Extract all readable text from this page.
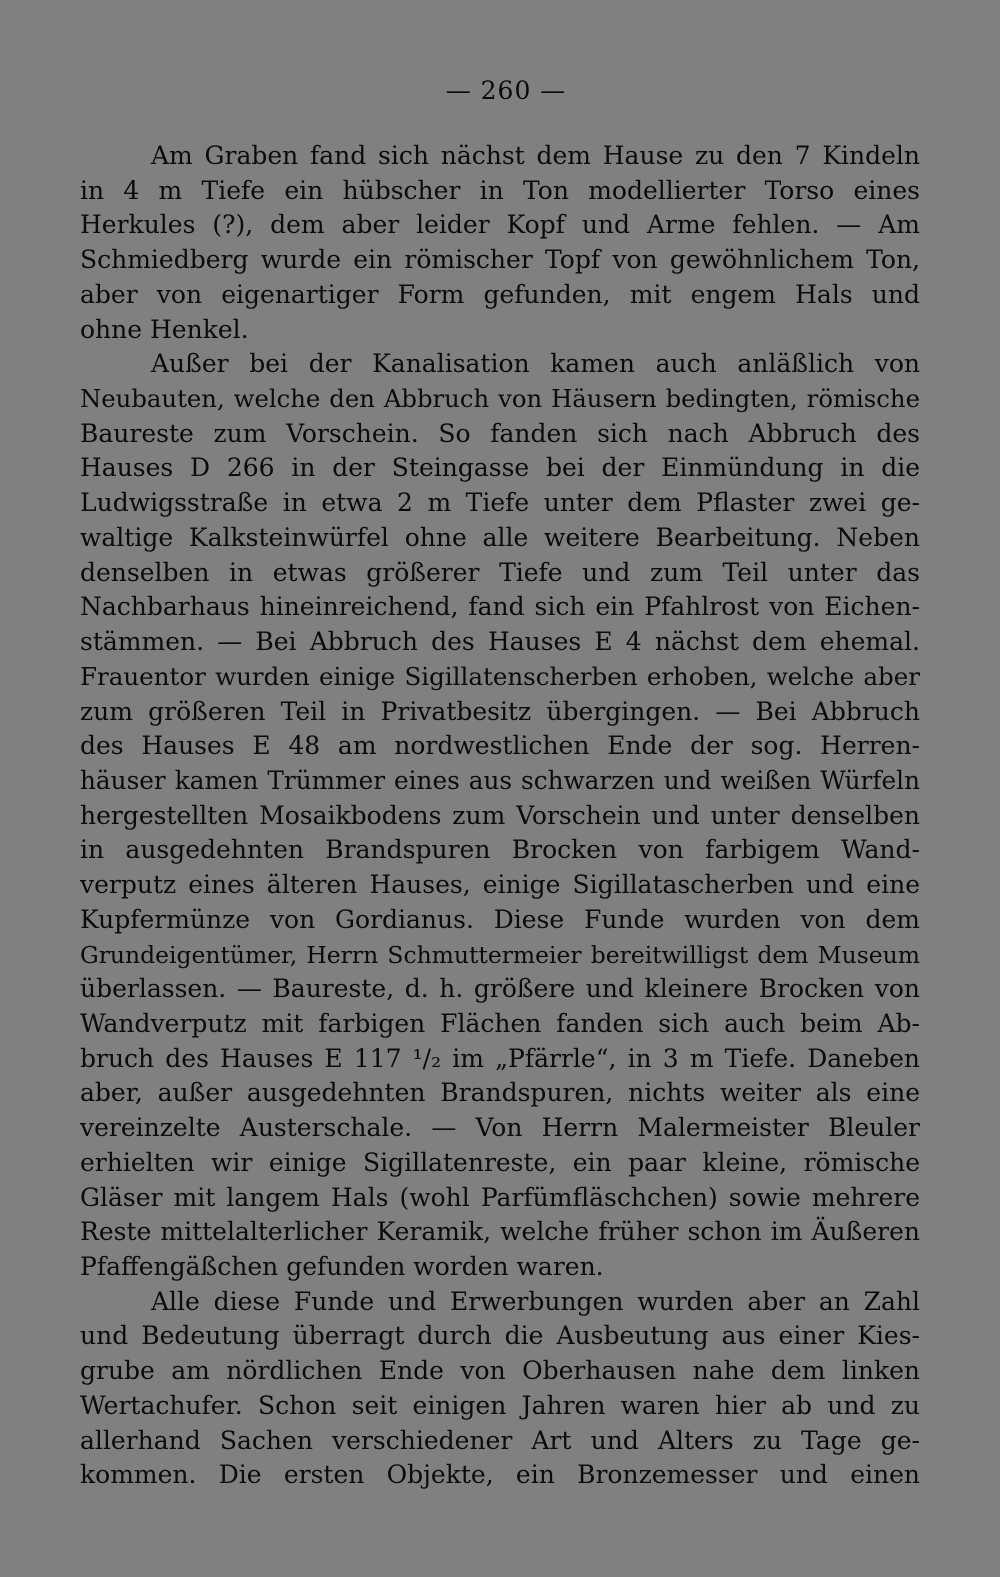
— 260 —
Am Graben fand sich nächst dem Hause zu den 7 Kindeln
in 4 m Tiefe ein hübscher in Ton modellierter Torso eines
Herkules (?), dem aber leider Kopf und Arme fehlen. — Am
Schmiedberg wurde ein römischer Topf von gewöhnlichem Ton,
aber von eigenartiger Form gefunden, mit engem Hals und
ohne Henkel.
Außer bei der Kanalisation kamen auch anläßlich von
Neubauten, welche den Abbruch von Häusern bedingten, römische
Baureste zum Vorschein. So fanden sich nach Abbruch des
Hauses D 266 in der Steingasse bei der Einmündung in die
Ludwigsstraße in etwa 2 m Tiefe unter dem Pflaster zwei ge-
waltige Kalksteinwürfel ohne alle weitere Bearbeitung. Neben
denselben in etwas größerer Tiefe und zum Teil unter das
Nachbarhaus hineinreichend, fand sich ein Pfahlrost von Eichen-
stämmen. — Bei Abbruch des Hauses E 4 nächst dem ehemal.
Frauentor wurden einige Sigillatenscherben erhoben, welche aber
zum größeren Teil in Privatbesitz übergingen. — Bei Abbruch
des Hauses E 48 am nordwestlichen Ende der sog. Herren-
häuser kamen Trümmer eines aus schwarzen und weißen Würfeln
hergestellten Mosaikbodens zum Vorschein und unter denselben
in ausgedehnten Brandspuren Brocken von farbigem Wand-
verputz eines älteren Hauses, einige Sigillatascherben und eine
Kupfermünze von Gordianus. Diese Funde wurden von dem
Grundeigentümer, Herrn Schmuttermeier bereitwilligst dem Museum
überlassen. — Baureste, d. h. größere und kleinere Brocken von
Wandverputz mit farbigen Flächen fanden sich auch beim Ab-
bruch des Hauses E 117 ¹/₂ im „Pfärrle“, in 3 m Tiefe. Daneben
aber, außer ausgedehnten Brandspuren, nichts weiter als eine
vereinzelte Austerschale. — Von Herrn Malermeister Bleuler
erhielten wir einige Sigillatenreste, ein paar kleine, römische
Gläser mit langem Hals (wohl Parfümfläschchen) sowie mehrere
Reste mittelalterlicher Keramik, welche früher schon im Äußeren
Pfaffengäßchen gefunden worden waren.
Alle diese Funde und Erwerbungen wurden aber an Zahl
und Bedeutung überragt durch die Ausbeutung aus einer Kies-
grube am nördlichen Ende von Oberhausen nahe dem linken
Wertachufer. Schon seit einigen Jahren waren hier ab und zu
allerhand Sachen verschiedener Art und Alters zu Tage ge-
kommen. Die ersten Objekte, ein Bronzemesser und einen
